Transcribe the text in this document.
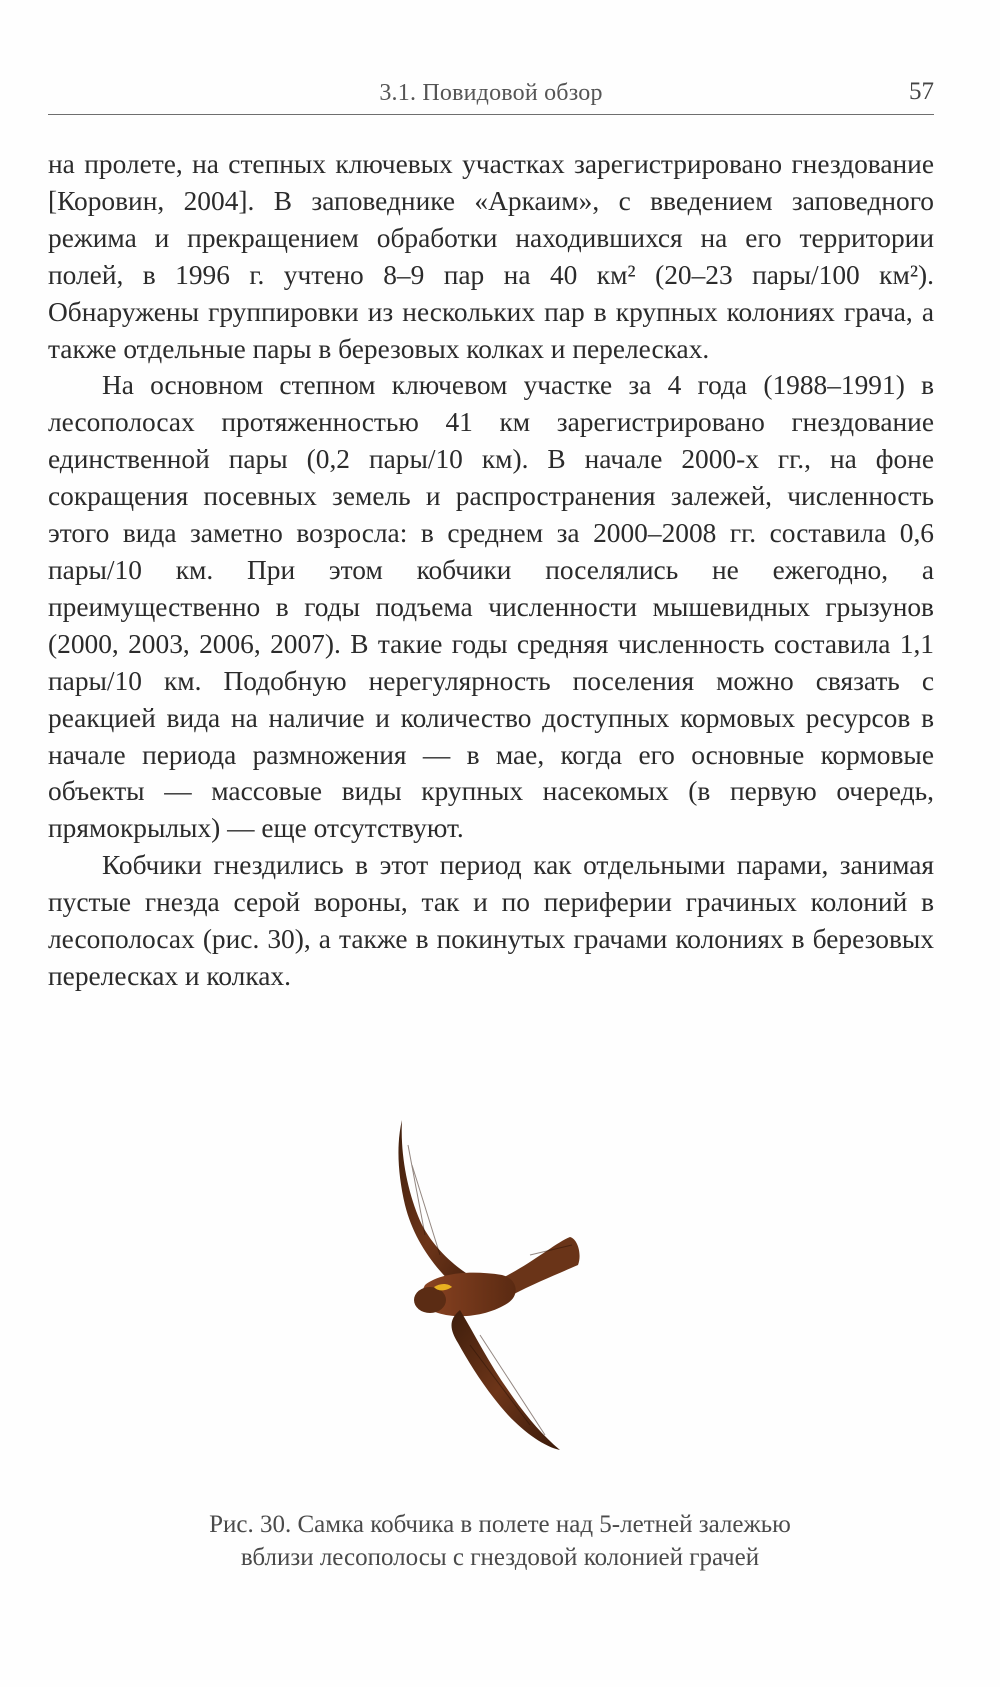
3.1. Повидовой обзор	57

на пролете, на степных ключевых участках зарегистрировано гнездование [Коровин, 2004]. В заповеднике «Аркаим», с введением заповедного режима и прекращением обработки находившихся на его территории полей, в 1996 г. учтено 8–9 пар на 40 км² (20–23 пары/100 км²). Обнаружены группировки из нескольких пар в крупных колониях грача, а также отдельные пары в березовых колках и перелесках.

На основном степном ключевом участке за 4 года (1988–1991) в лесополосах протяженностью 41 км зарегистрировано гнездование единственной пары (0,2 пары/10 км). В начале 2000-х гг., на фоне сокращения посевных земель и распространения залежей, численность этого вида заметно возросла: в среднем за 2000–2008 гг. составила 0,6 пары/10 км. При этом кобчики поселялись не ежегодно, а преимущественно в годы подъема численности мышевидных грызунов (2000, 2003, 2006, 2007). В такие годы средняя численность составила 1,1 пары/10 км. Подобную нерегулярность поселения можно связать с реакцией вида на наличие и количество доступных кормовых ресурсов в начале периода размножения — в мае, когда его основные кормовые объекты — массовые виды крупных насекомых (в первую очередь, прямокрылых) — еще отсутствуют.

Кобчики гнездились в этот период как отдельными парами, занимая пустые гнезда серой вороны, так и по периферии грачиных колоний в лесополосах (рис. 30), а также в покинутых грачами колониях в березовых перелесках и колках.

Рис. 30. Самка кобчика в полете над 5-летней залежью
вблизи лесополосы с гнездовой колонией грачей
